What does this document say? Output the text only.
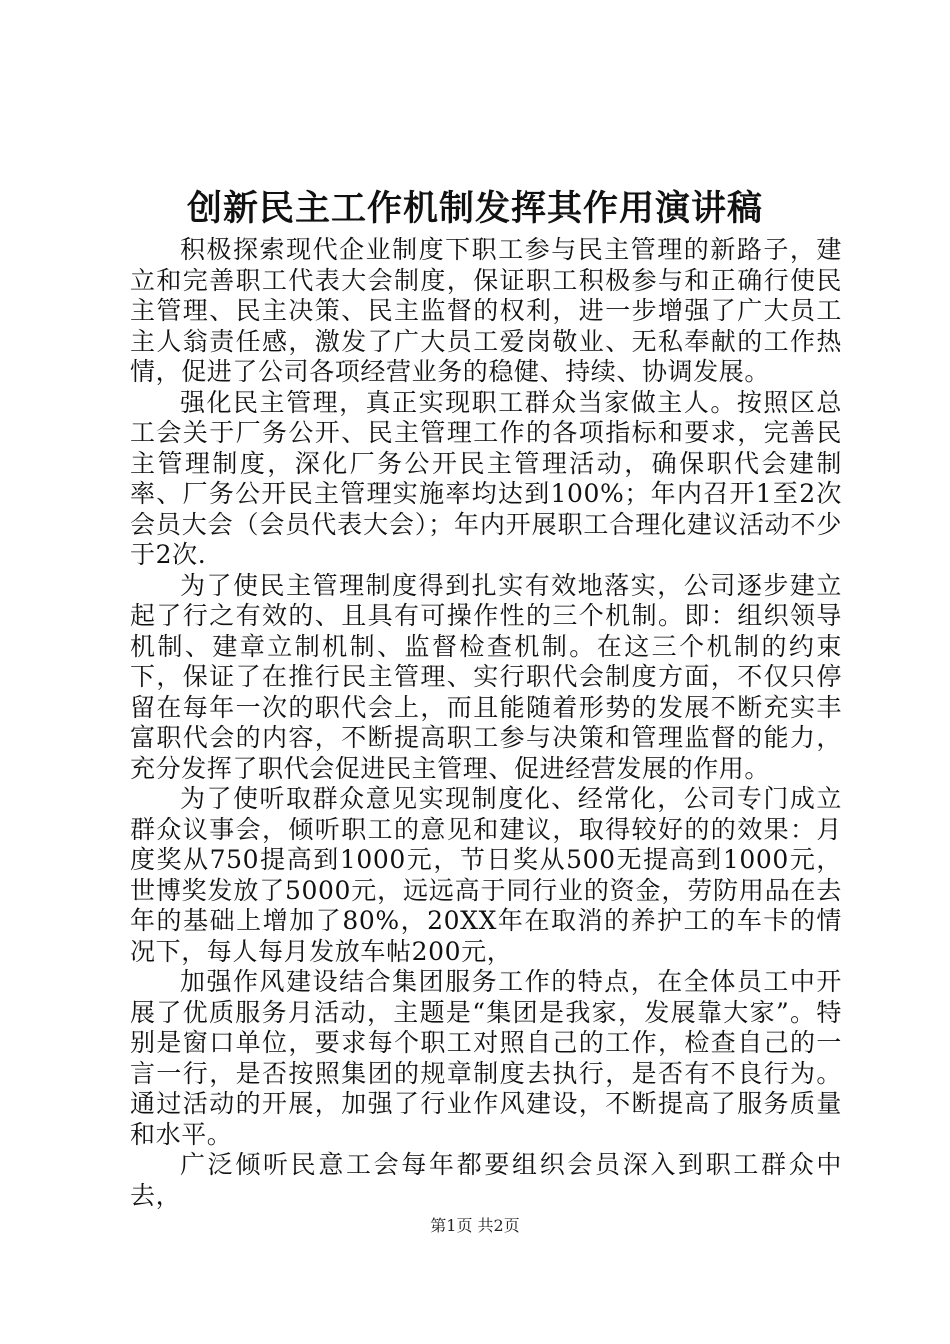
创新民主工作机制发挥其作用演讲稿

积极探索现代企业制度下职工参与民主管理的新路子，建立和完善职工代表大会制度，保证职工积极参与和正确行使民主管理、民主决策、民主监督的权利，进一步增强了广大员工主人翁责任感，激发了广大员工爱岗敬业、无私奉献的工作热情，促进了公司各项经营业务的稳健、持续、协调发展。

强化民主管理，真正实现职工群众当家做主人。按照区总工会关于厂务公开、民主管理工作的各项指标和要求，完善民主管理制度，深化厂务公开民主管理活动，确保职代会建制率、厂务公开民主管理实施率均达到100%；年内召开1至2次会员大会（会员代表大会）；年内开展职工合理化建议活动不少于2次.

为了使民主管理制度得到扎实有效地落实，公司逐步建立起了行之有效的、且具有可操作性的三个机制。即：组织领导机制、建章立制机制、监督检查机制。在这三个机制的约束下，保证了在推行民主管理、实行职代会制度方面，不仅只停留在每年一次的职代会上，而且能随着形势的发展不断充实丰富职代会的内容，不断提高职工参与决策和管理监督的能力，充分发挥了职代会促进民主管理、促进经营发展的作用。

为了使听取群众意见实现制度化、经常化，公司专门成立群众议事会，倾听职工的意见和建议，取得较好的的效果：月度奖从750提高到1000元，节日奖从500无提高到1000元，世博奖发放了5000元，远远高于同行业的资金，劳防用品在去年的基础上增加了80%，20XX年在取消的养护工的车卡的情况下，每人每月发放车帖200元，

加强作风建设结合集团服务工作的特点，在全体员工中开展了优质服务月活动，主题是“集团是我家，发展靠大家”。特别是窗口单位，要求每个职工对照自己的工作，检查自己的一言一行，是否按照集团的规章制度去执行，是否有不良行为。通过活动的开展，加强了行业作风建设，不断提高了服务质量和水平。

广泛倾听民意工会每年都要组织会员深入到职工群众中去，

第1页 共2页
